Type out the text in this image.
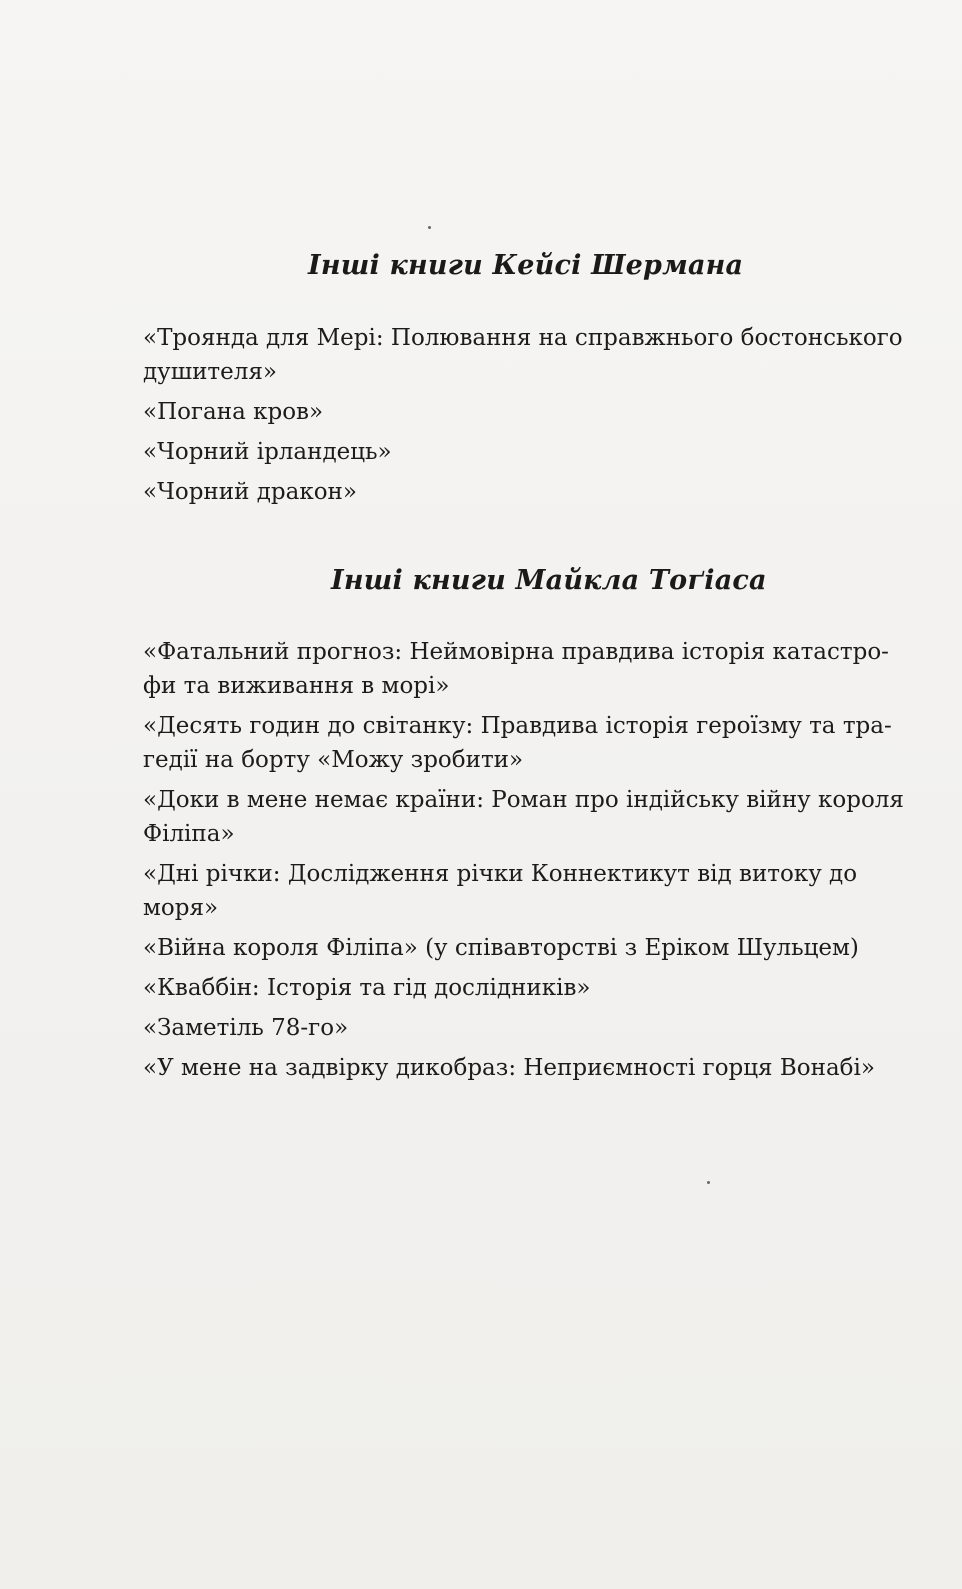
Інші книги Кейсі Шермана
«Троянда для Мері: Полювання на справжнього бостонського
душителя»
«Погана кров»
«Чорний ірландець»
«Чорний дракон»
Інші книги Майкла Тоґіаса
«Фатальний прогноз: Неймовірна правдива історія катастро-
фи та виживання в морі»
«Десять годин до світанку: Правдива історія героїзму та тра-
гедії на борту «Можу зробити»
«Доки в мене немає країни: Роман про індійську війну короля
Філіпа»
«Дні річки: Дослідження річки Коннектикут від витоку до
моря»
«Війна короля Філіпа» (у співавторстві з Еріком Шульцем)
«Кваббін: Історія та гід дослідників»
«Заметіль 78-го»
«У мене на задвірку дикобраз: Неприємності горця Вонабі»
